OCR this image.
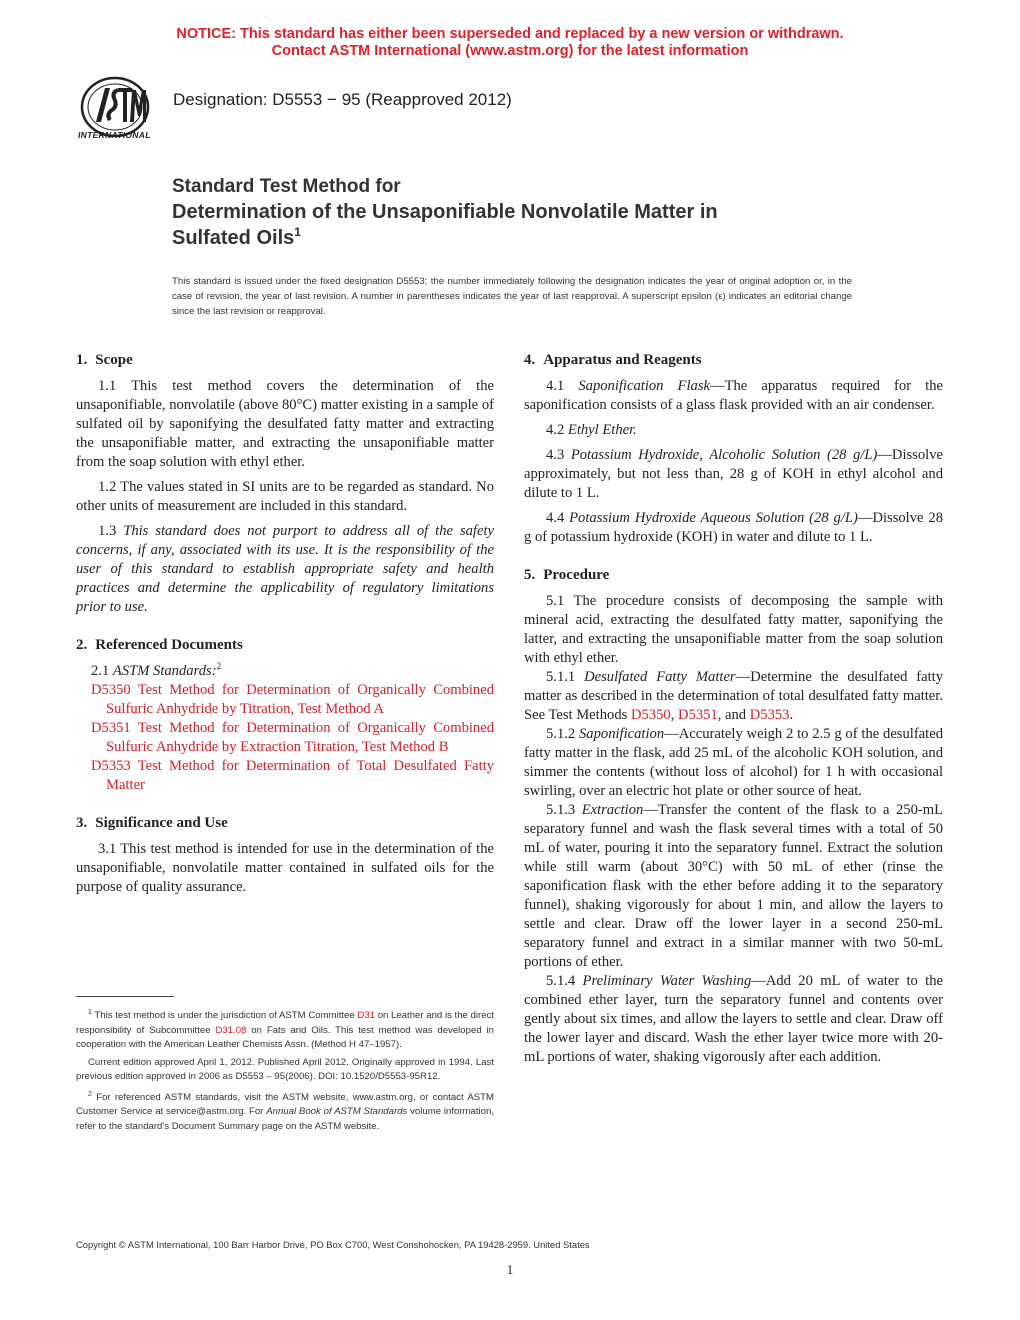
NOTICE: This standard has either been superseded and replaced by a new version or withdrawn.
Contact ASTM International (www.astm.org) for the latest information
INTERNATIONAL
Designation: D5553 − 95 (Reapproved 2012)
Standard Test Method for
Determination of the Unsaponifiable Nonvolatile Matter in
Sulfated Oils$^1$
This standard is issued under the fixed designation D5553; the number immediately following the designation indicates the year of original adoption or, in the case of revision, the year of last revision. A number in parentheses indicates the year of last reapproval. A superscript epsilon (ε) indicates an editorial change since the last revision or reapproval.
1. Scope

1.1 This test method covers the determination of the unsaponifiable, nonvolatile (above 80°C) matter existing in a sample of sulfated oil by saponifying the desulfated fatty matter and extracting the unsaponifiable matter, and extracting the unsaponifiable matter from the soap solution with ethyl ether.

1.2 The values stated in SI units are to be regarded as standard. No other units of measurement are included in this standard.

1.3 This standard does not purport to address all of the safety concerns, if any, associated with its use. It is the responsibility of the user of this standard to establish appropriate safety and health practices and determine the applicability of regulatory limitations prior to use.

2. Referenced Documents

2.1 ASTM Standards:$^2$

D5350 Test Method for Determination of Organically Combined Sulfuric Anhydride by Titration, Test Method A

D5351 Test Method for Determination of Organically Combined Sulfuric Anhydride by Extraction Titration, Test Method B

D5353 Test Method for Determination of Total Desulfated Fatty Matter

3. Significance and Use

3.1 This test method is intended for use in the determination of the unsaponifiable, nonvolatile matter contained in sulfated oils for the purpose of quality assurance.

4. Apparatus and Reagents

4.1 Saponification Flask—The apparatus required for the saponification consists of a glass flask provided with an air condenser.

4.2 Ethyl Ether.

4.3 Potassium Hydroxide, Alcoholic Solution (28 g/L)—Dissolve approximately, but not less than, 28 g of KOH in ethyl alcohol and dilute to 1 L.

4.4 Potassium Hydroxide Aqueous Solution (28 g/L)—Dissolve 28 g of potassium hydroxide (KOH) in water and dilute to 1 L.

5. Procedure

5.1 The procedure consists of decomposing the sample with mineral acid, extracting the desulfated fatty matter, saponifying the latter, and extracting the unsaponifiable matter from the soap solution with ethyl ether.

5.1.1 Desulfated Fatty Matter—Determine the desulfated fatty matter as described in the determination of total desulfated fatty matter. See Test Methods D5350, D5351, and D5353.

5.1.2 Saponification—Accurately weigh 2 to 2.5 g of the desulfated fatty matter in the flask, add 25 mL of the alcoholic KOH solution, and simmer the contents (without loss of alcohol) for 1 h with occasional swirling, over an electric hot plate or other source of heat.

5.1.3 Extraction—Transfer the content of the flask to a 250-mL separatory funnel and wash the flask several times with a total of 50 mL of water, pouring it into the separatory funnel. Extract the solution while still warm (about 30°C) with 50 mL of ether (rinse the saponification flask with the ether before adding it to the separatory funnel), shaking vigorously for about 1 min, and allow the layers to settle and clear. Draw off the lower layer in a second 250-mL separatory funnel and extract in a similar manner with two 50-mL portions of ether.

5.1.4 Preliminary Water Washing—Add 20 mL of water to the combined ether layer, turn the separatory funnel and contents over gently about six times, and allow the layers to settle and clear. Draw off the lower layer and discard. Wash the ether layer twice more with 20-mL portions of water, shaking vigorously after each addition.

$^1$ This test method is under the jurisdiction of ASTM Committee D31 on Leather and is the direct responsibility of Subcommittee D31.08 on Fats and Oils. This test method was developed in cooperation with the American Leather Chemists Assn. (Method H 47–1957).

Current edition approved April 1, 2012. Published April 2012. Originally approved in 1994. Last previous edition approved in 2006 as D5553 – 95(2006). DOI: 10.1520/D5553-95R12.

$^2$ For referenced ASTM standards, visit the ASTM website, www.astm.org, or contact ASTM Customer Service at service@astm.org. For Annual Book of ASTM Standards volume information, refer to the standard's Document Summary page on the ASTM website.

Copyright © ASTM International, 100 Barr Harbor Drive, PO Box C700, West Conshohocken, PA 19428-2959. United States
1
